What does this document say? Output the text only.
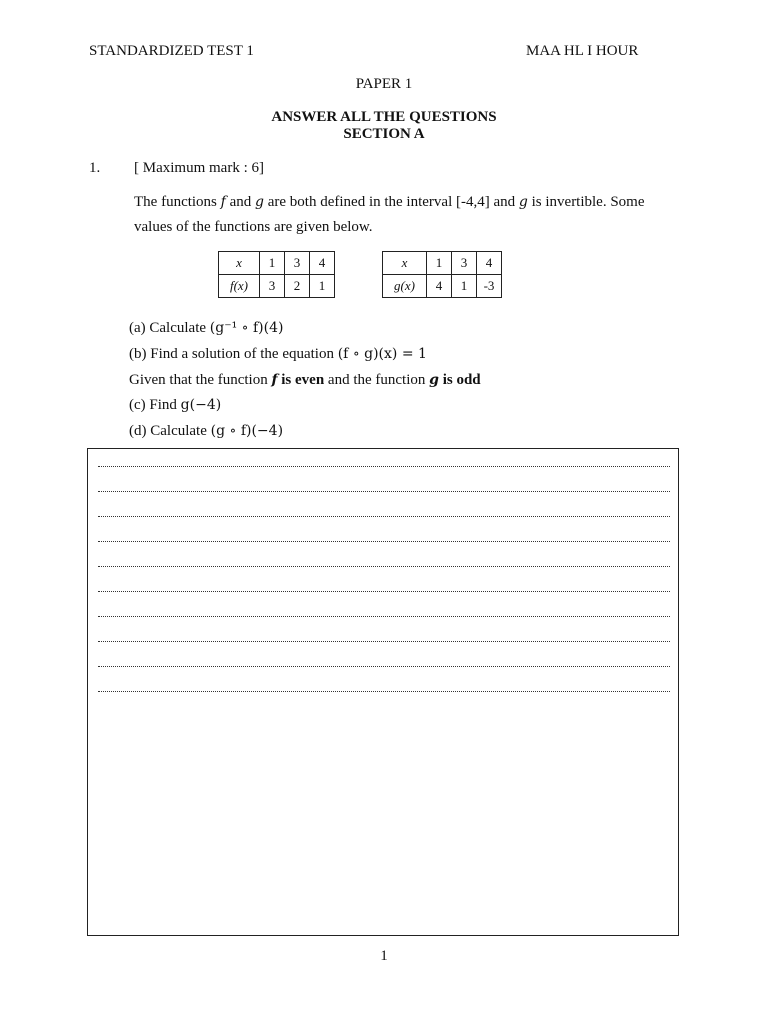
STANDARDIZED TEST 1	MAA HL I HOUR
PAPER 1
ANSWER ALL THE QUESTIONS
SECTION A
1. [ Maximum mark : 6]
The functions f and g are both defined in the interval [-4,4] and g is invertible. Some
values of the functions are given below.
x	1	3	4
f(x)	3	2	1
x	1	3	4
g(x)	4	1	-3
(a) Calculate (g⁻¹ ∘ f)(4)
(b) Find a solution of the equation (f ∘ g)(x) = 1
Given that the function f is even and the function g is odd
(c) Find g(−4)
(d) Calculate (g ∘ f)(−4)
1
